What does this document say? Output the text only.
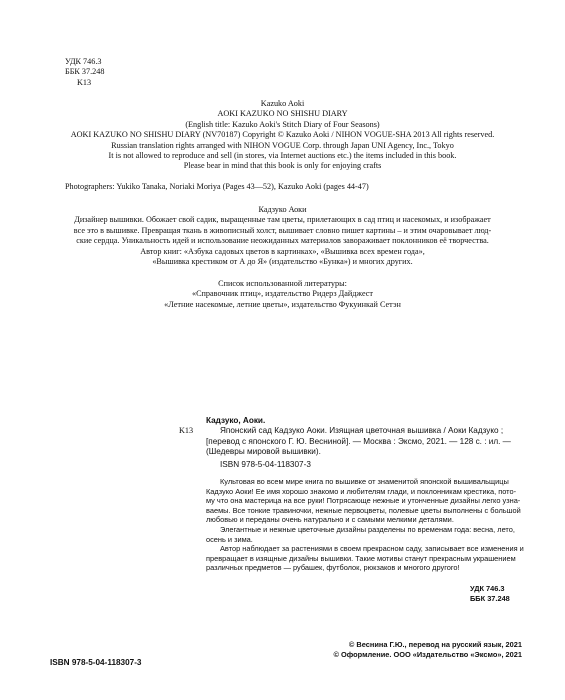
УДК 746.3
ББК 37.248
K13
Kazuko Aoki
AOKI KAZUKO NO SHISHU DIARY
(English title: Kazuko Aoki's Stitch Diary of Four Seasons)
AOKI KAZUKO NO SHISHU DIARY (NV70187) Copyright © Kazuko Aoki / NIHON VOGUE-SHA 2013 All rights reserved.
Russian translation rights arranged with NIHON VOGUE Corp. through Japan UNI Agency, Inc., Tokyo
It is not allowed to reproduce and sell (in stores, via Internet auctions etc.) the items included in this book.
Please bear in mind that this book is only for enjoying crafts
Photographers: Yukiko Tanaka, Noriaki Moriya (Pages 43—52), Kazuko Aoki (pages 44-47)
Кадзуко Аоки
Дизайнер вышивки. Обожает свой садик, выращенные там цветы, прилетающих в сад птиц и насекомых, и изображает
все это в вышивке. Превращая ткань в живописный холст, вышивает словно пишет картины – и этим очаровывает люд-
ские сердца. Уникальность идей и использование неожиданных материалов завораживает поклонников её творчества.
Автор книг: «Азбука садовых цветов в картинках», «Вышивка всех времен года»,
«Вышивка крестиком от А до Я» (издательство «Бунка») и многих других.
Список использованной литературы:
«Справочник птиц», издательство Ридерз Дайджест
«Летние насекомые, летние цветы», издательство Фукуинкай Сетэн
K13
Кадзуко, Аоки.
Японский сад Кадзуко Аоки. Изящная цветочная вышивка / Аоки Кадзуко ;
[перевод с японского Г. Ю. Весниной]. — Москва : Эксмо, 2021. — 128 с. : ил. —
(Шедевры мировой вышивки).
ISBN 978-5-04-118307-3
Культовая во всем мире книга по вышивке от знаменитой японской вышивальщицы
Кадзуко Аоки! Ее имя хорошо знакомо и любителям глади, и поклонникам крестика, пото-
му что она мастерица на все руки! Потрясающе нежные и утонченные дизайны легко узна-
ваемы. Все тонкие травиночки, нежные первоцветы, полевые цветы выполнены с большой
любовью и переданы очень натурально и с самыми мелкими деталями.
Элегантные и нежные цветочные дизайны разделены по временам года: весна, лето,
осень и зима.
Автор наблюдает за растениями в своем прекрасном саду, записывает все изменения и
превращает в изящные дизайны вышивки. Такие мотивы станут прекрасным украшением
различных предметов — рубашек, футболок, рюкзаков и многого другого!
УДК 746.3
ББК 37.248
ISBN 978-5-04-118307-3
© Веснина Г.Ю., перевод на русский язык, 2021
© Оформление. ООО «Издательство «Эксмо», 2021
